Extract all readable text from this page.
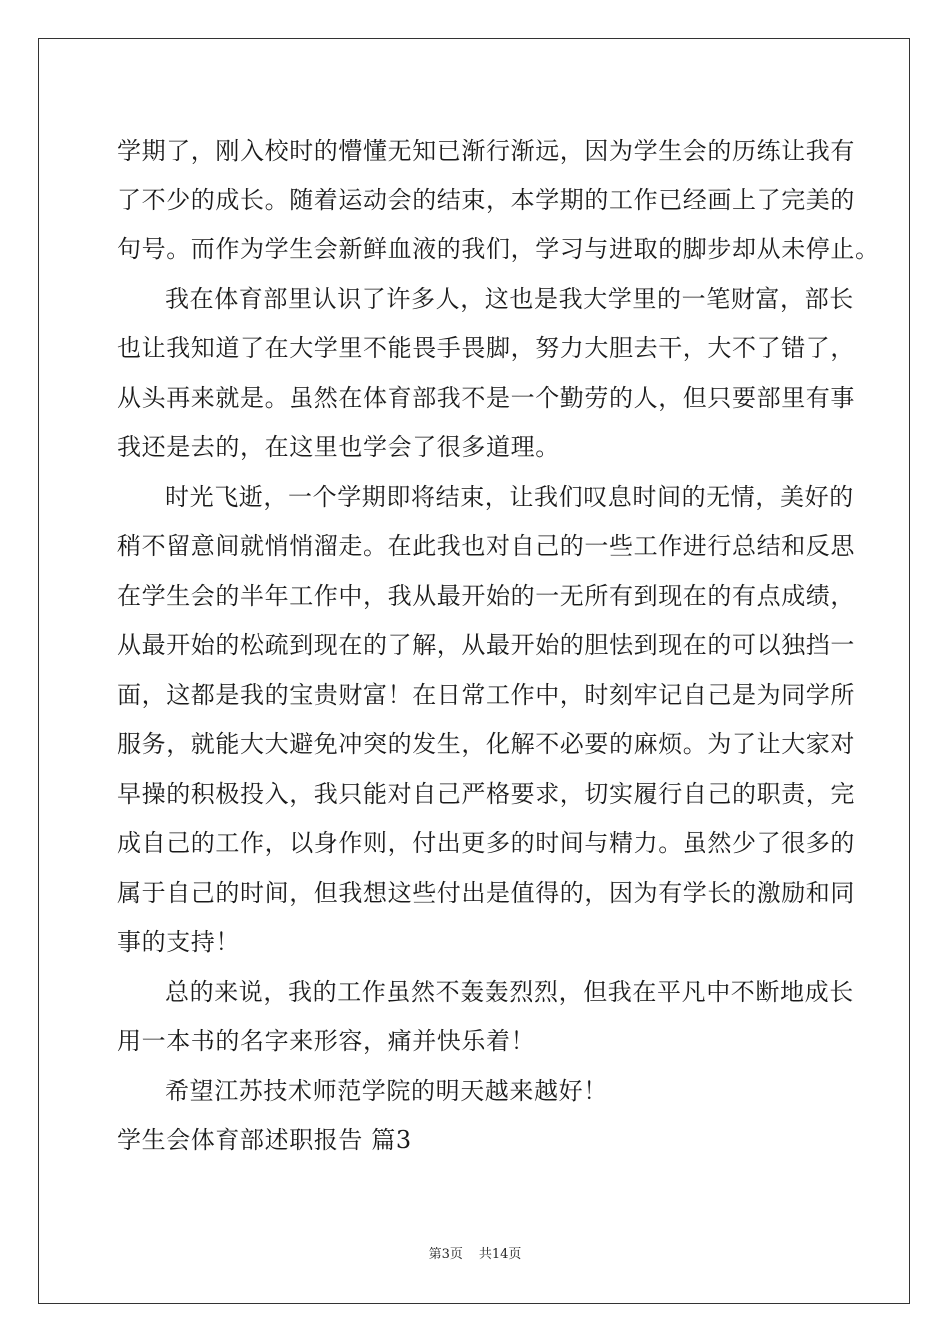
学期了，刚入校时的懵懂无知已渐行渐远，因为学生会的历练让我有
了不少的成长。随着运动会的结束，本学期的工作已经画上了完美的
句号。而作为学生会新鲜血液的我们，学习与进取的脚步却从未停止。
我在体育部里认识了许多人，这也是我大学里的一笔财富，部长
也让我知道了在大学里不能畏手畏脚，努力大胆去干，大不了错了，
从头再来就是。虽然在体育部我不是一个勤劳的人，但只要部里有事
我还是去的，在这里也学会了很多道理。
时光飞逝，一个学期即将结束，让我们叹息时间的无情，美好的
稍不留意间就悄悄溜走。在此我也对自己的一些工作进行总结和反思
在学生会的半年工作中，我从最开始的一无所有到现在的有点成绩，
从最开始的松疏到现在的了解，从最开始的胆怯到现在的可以独挡一
面，这都是我的宝贵财富！在日常工作中，时刻牢记自己是为同学所
服务，就能大大避免冲突的发生，化解不必要的麻烦。为了让大家对
早操的积极投入，我只能对自己严格要求，切实履行自己的职责，完
成自己的工作，以身作则，付出更多的时间与精力。虽然少了很多的
属于自己的时间，但我想这些付出是值得的，因为有学长的激励和同
事的支持！
总的来说，我的工作虽然不轰轰烈烈，但我在平凡中不断地成长
用一本书的名字来形容，痛并快乐着！
希望江苏技术师范学院的明天越来越好！
学生会体育部述职报告 篇3
第3页 共14页
